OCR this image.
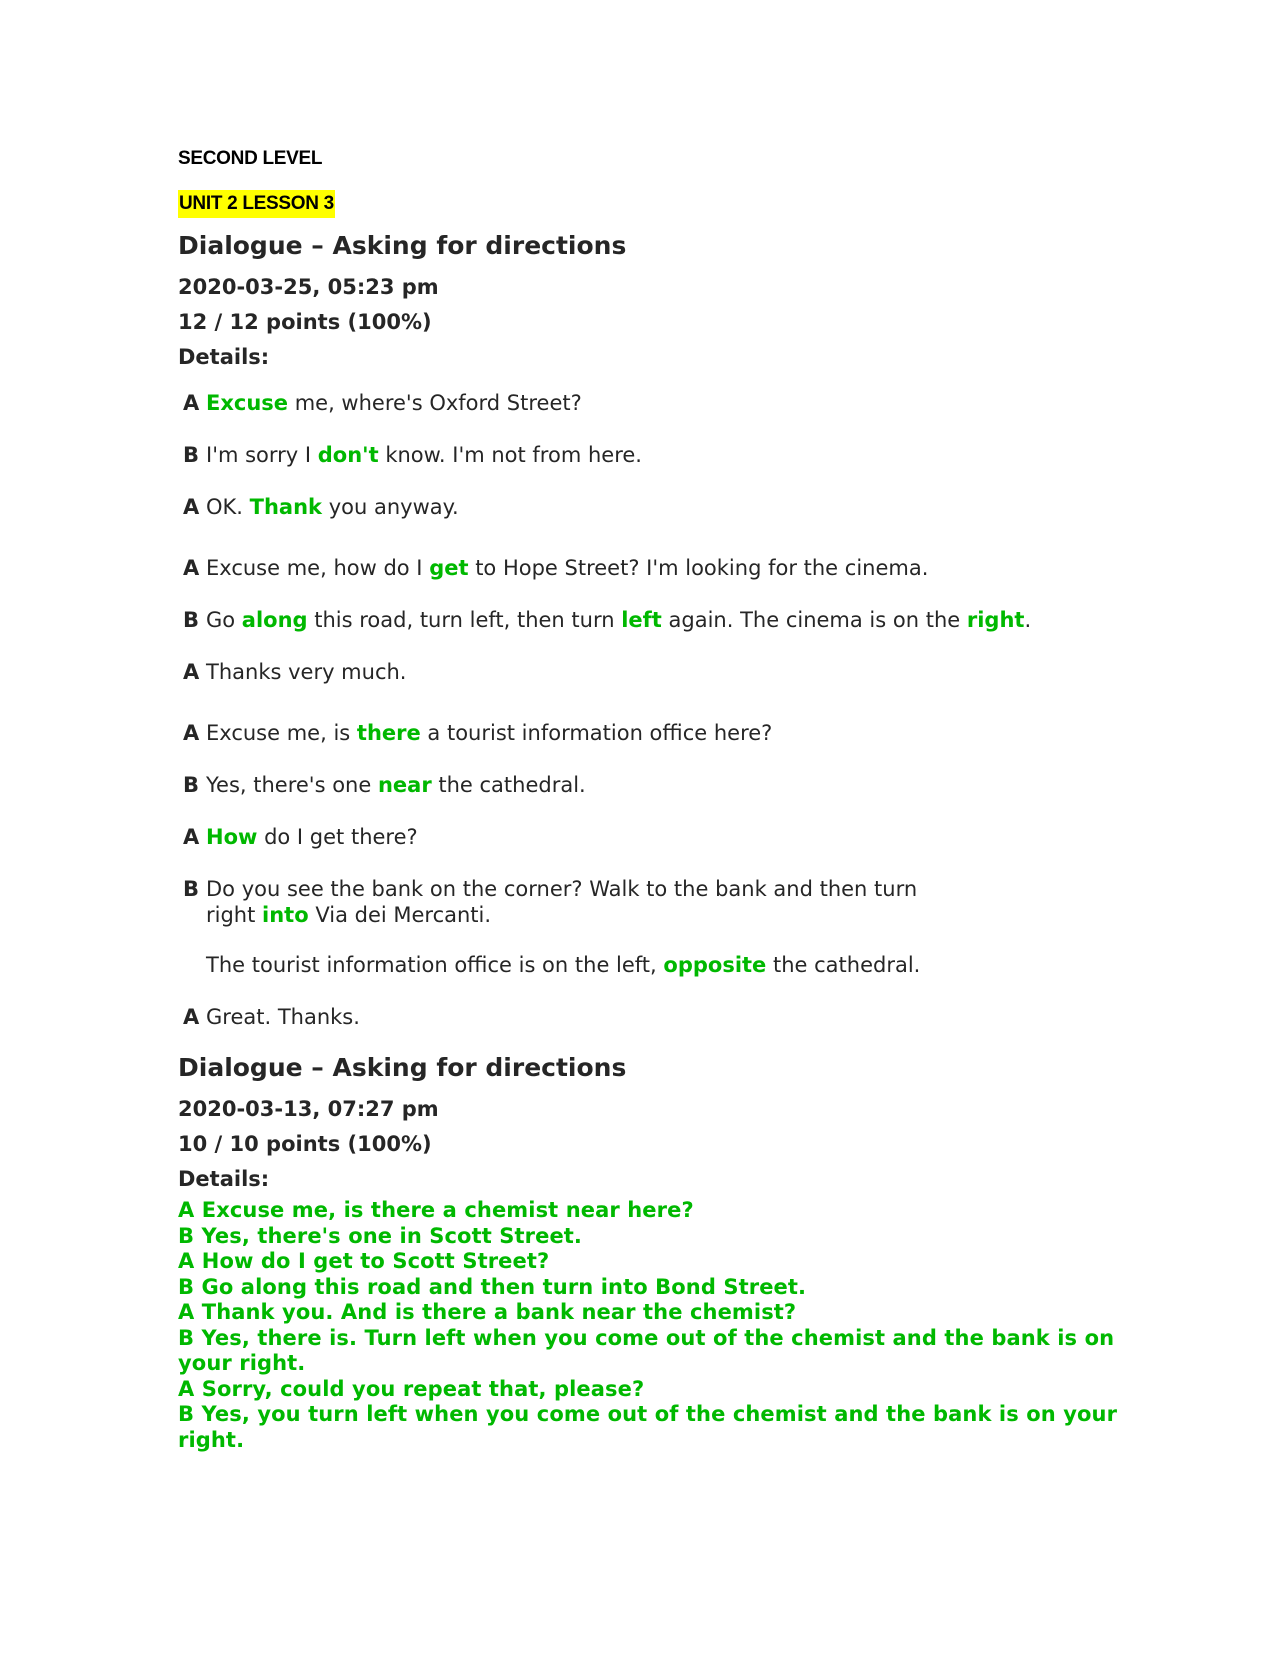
SECOND LEVEL
UNIT 2 LESSON 3
Dialogue – Asking for directions
2020-03-25, 05:23 pm
12 / 12 points (100%)
Details:
A Excuse me, where's Oxford Street?
B I'm sorry I don't know. I'm not from here.
A OK. Thank you anyway.
A Excuse me, how do I get to Hope Street? I'm looking for the cinema.
B Go along this road, turn left, then turn left again. The cinema is on the right.
A Thanks very much.
A Excuse me, is there a tourist information office here?
B Yes, there's one near the cathedral.
A How do I get there?
B Do you see the bank on the corner? Walk to the bank and then turn
right into Via dei Mercanti.
The tourist information office is on the left, opposite the cathedral.
A Great. Thanks.
Dialogue – Asking for directions
2020-03-13, 07:27 pm
10 / 10 points (100%)
Details:
A Excuse me, is there a chemist near here?
B Yes, there's one in Scott Street.
A How do I get to Scott Street?
B Go along this road and then turn into Bond Street.
A Thank you. And is there a bank near the chemist?
B Yes, there is. Turn left when you come out of the chemist and the bank is on your right.
A Sorry, could you repeat that, please?
B Yes, you turn left when you come out of the chemist and the bank is on your right.
